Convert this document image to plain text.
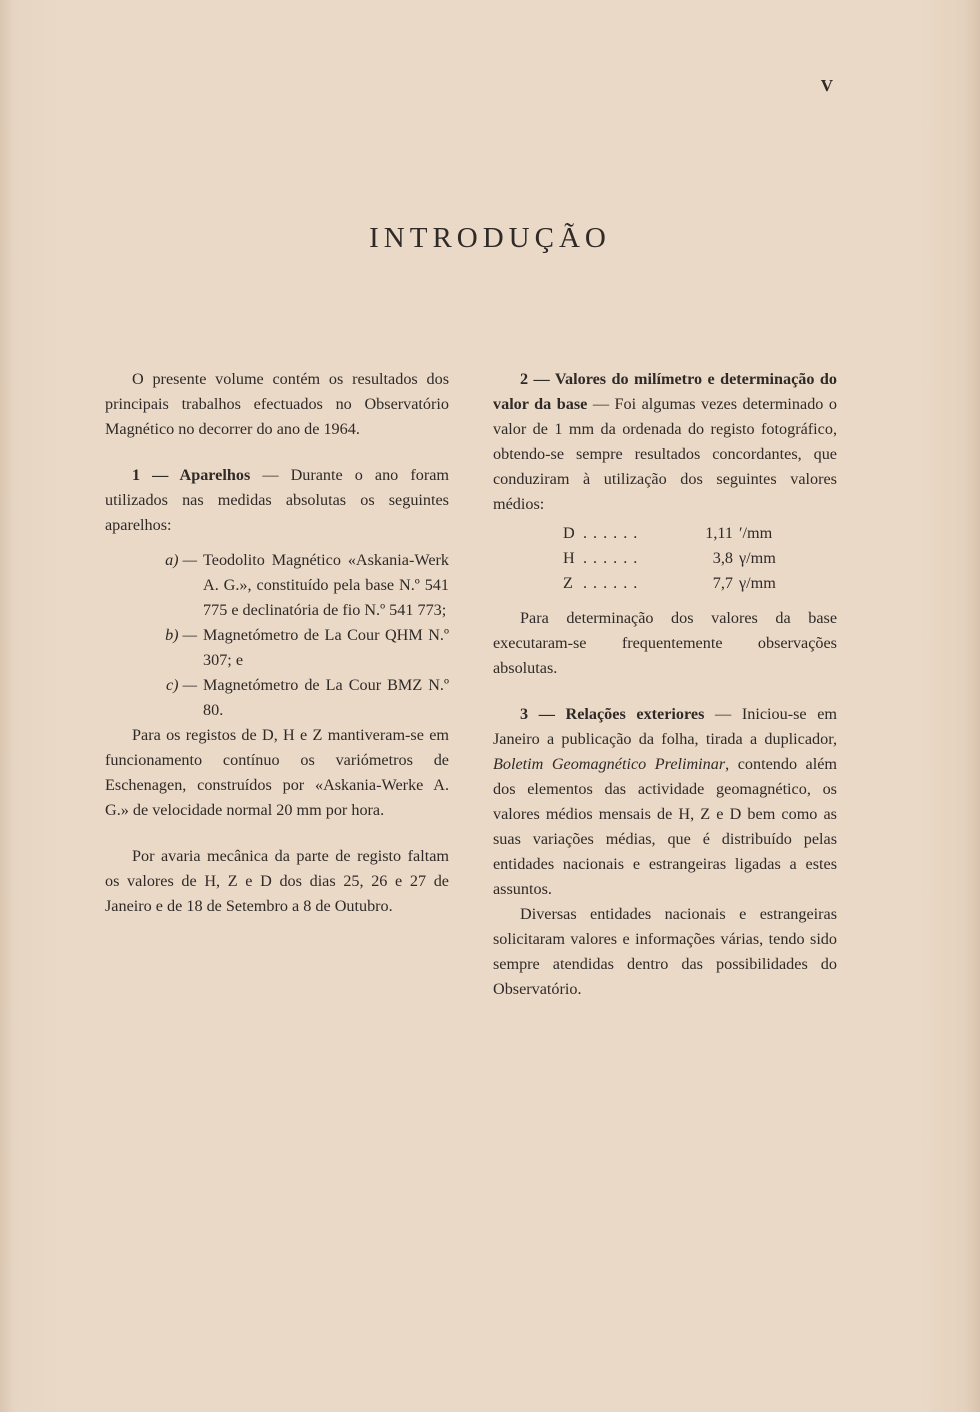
V
INTRODUÇÃO

O presente volume contém os resultados dos principais trabalhos efectuados no Observatório Magnético no decorrer do ano de 1964.

1 — Aparelhos — Durante o ano foram utilizados nas medidas absolutas os seguintes aparelhos:

a) — Teodolito Magnético «Askania-Werk A. G.», constituído pela base N.º 541 775 e declinatória de fio N.º 541 773;
b) — Magnetómetro de La Cour QHM N.º 307; e
c) — Magnetómetro de La Cour BMZ N.º 80.

Para os registos de D, H e Z mantiveram-se em funcionamento contínuo os variómetros de Eschenagen, construídos por «Askania-Werke A. G.» de velocidade normal 20 mm por hora.

Por avaria mecânica da parte de registo faltam os valores de H, Z e D dos dias 25, 26 e 27 de Janeiro e de 18 de Setembro a 8 de Outubro.

2 — Valores do milímetro e determinação do valor da base — Foi algumas vezes determinado o valor de 1 mm da ordenada do registo fotográfico, obtendo-se sempre resultados concordantes, que conduziram à utilização dos seguintes valores médios:

D ......	1,11 ′/mm
H ......	3,8 γ/mm
Z ......	7,7 γ/mm

Para determinação dos valores da base executaram-se frequentemente observações absolutas.

3 — Relações exteriores — Iniciou-se em Janeiro a publicação da folha, tirada a duplicador, Boletim Geomagnético Preliminar, contendo além dos elementos das actividade geomagnético, os valores médios mensais de H, Z e D bem como as suas variações médias, que é distribuído pelas entidades nacionais e estrangeiras ligadas a estes assuntos.

Diversas entidades nacionais e estrangeiras solicitaram valores e informações várias, tendo sido sempre atendidas dentro das possibilidades do Observatório.
